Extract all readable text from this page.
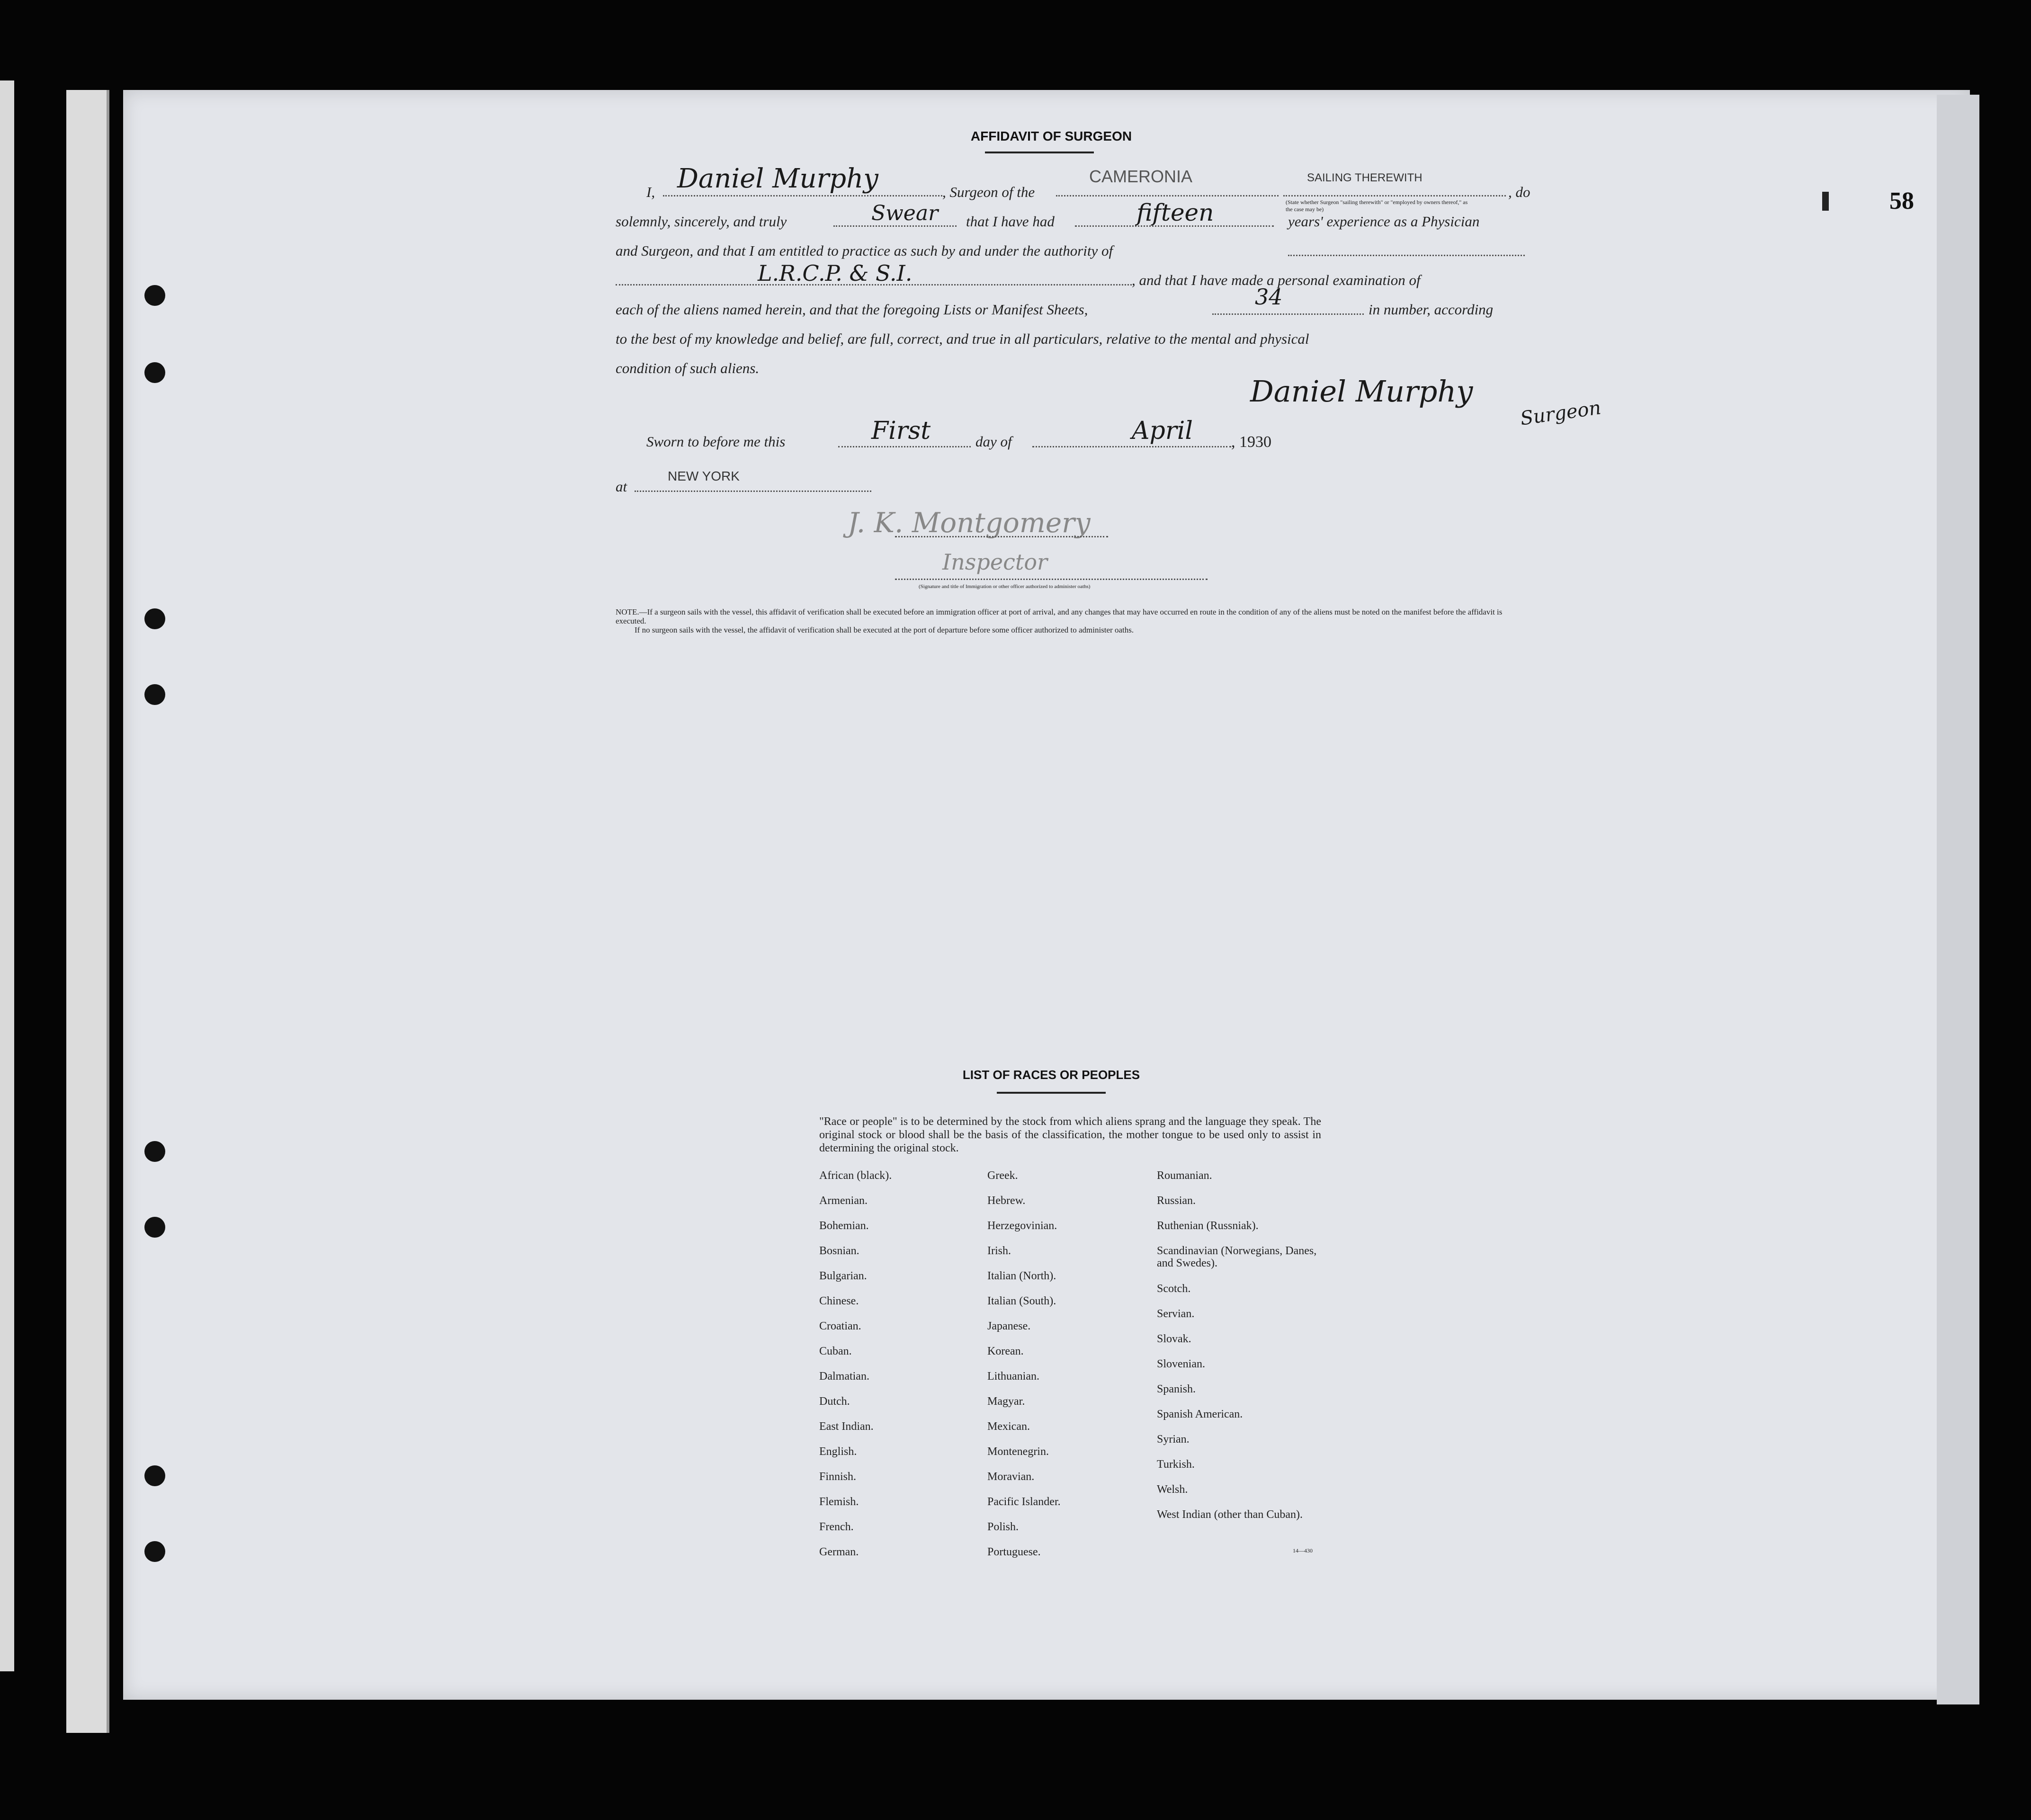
58
AFFIDAVIT OF SURGEON
I, Daniel Murphy	, Surgeon of the
CAMERONIA	SAILING THEREWITH
, do
(State whether Surgeon "sailing therewith" or "employed by owners thereof," as the case may be)
solemnly, sincerely, and truly	Swear that I have had	fifteen	years' experience as a Physician
and Surgeon, and that I am entitled to practice as such by and under the authority of
L.R.C.P. & S.I.	, and that I have made a personal examination of
each of the aliens named herein, and that the foregoing Lists or Manifest Sheets,	34	in number, according
to the best of my knowledge and belief, are full, correct, and true in all particulars, relative to the mental and physical
condition of such aliens.
Daniel Murphy
Surgeon
Sworn to before me this	First	day of	April , 1930
at
NEW YORK
J. K. Montgomery
Inspector
(Signature and title of Immigration or other officer authorized to administer oaths)
NOTE.—If a surgeon sails with the vessel, this affidavit of verification shall be executed before an immigration officer at port of arrival, and any changes that may have occurred en route in the condition of any of the aliens must be noted on the manifest before the affidavit is executed.
If no surgeon sails with the vessel, the affidavit of verification shall be executed at the port of departure before some officer authorized to administer oaths.
LIST OF RACES OR PEOPLES
"Race or people" is to be determined by the stock from which aliens sprang and the language they speak. The original stock or blood shall be the basis of the classification, the mother tongue to be used only to assist in determining the original stock.
African (black).
Armenian.
Bohemian.
Bosnian.
Bulgarian.
Chinese.
Croatian.
Cuban.
Dalmatian.
Dutch.
East Indian.
English.
Finnish.
Flemish.
French.
German.
Greek.
Hebrew.
Herzegovinian.
Irish.
Italian (North).
Italian (South).
Japanese.
Korean.
Lithuanian.
Magyar.
Mexican.
Montenegrin.
Moravian.
Pacific Islander.
Polish.
Portuguese.
Roumanian.
Russian.
Ruthenian (Russniak).
Scandinavian (Norwegians, Danes, and Swedes).
Scotch.
Servian.
Slovak.
Slovenian.
Spanish.
Spanish American.
Syrian.
Turkish.
Welsh.
West Indian (other than Cuban).
14—430
